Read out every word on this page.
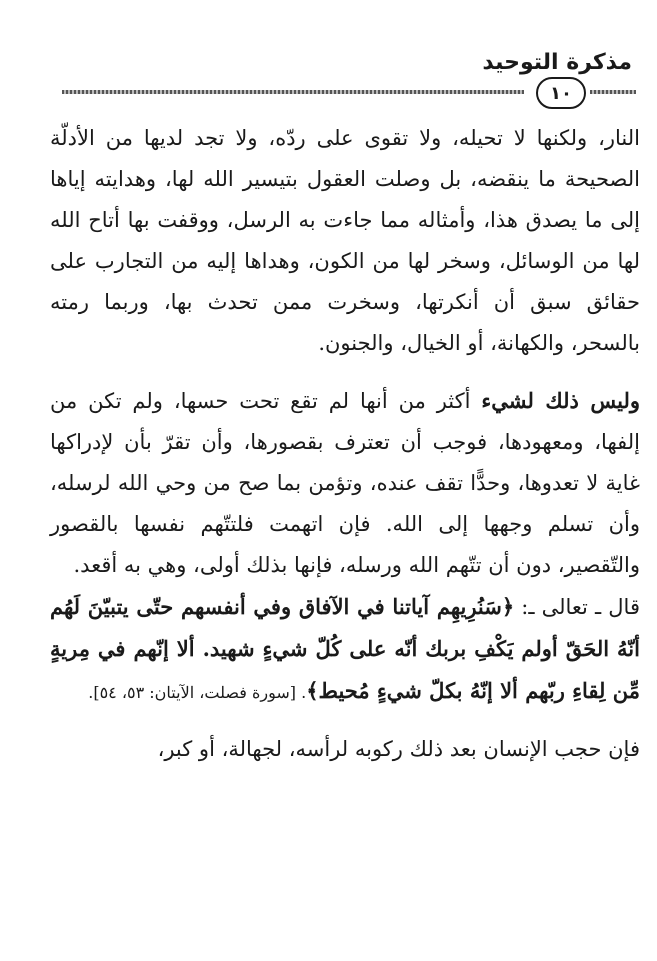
مذكرة التوحيد
١٠

النار، ولكنها لا تحيله، ولا تقوى على ردّه، ولا تجد لديها من الأدلّة الصحيحة ما ينقضه، بل وصلت العقول بتيسير الله لها، وهدايته إياها إلى ما يصدق هذا، وأمثاله مما جاءت به الرسل، ووقفت بها أتاح الله لها من الوسائل، وسخر لها من الكون، وهداها إليه من التجارب على حقائق سبق أن أنكرتها، وسخرت ممن تحدث بها، وربما رمته بالسحر، والكهانة، أو الخيال، والجنون.

وليس ذلك لشيء أكثر من أنها لم تقع تحت حسها، ولم تكن من إلفها، ومعهودها، فوجب أن تعترف بقصورها، وأن تقرّ بأن لإدراكها غاية لا تعدوها، وحدًّا تقف عنده، وتؤمن بما صح من وحي الله لرسله، وأن تسلم وجهها إلى الله. فإن اتهمت فلتتّهم نفسها بالقصور والتّقصير، دون أن تتّهم الله ورسله، فإنها بذلك أولى، وهي به أقعد.

قال ـ تعالى ـ: ﴿سَنُرِيهِم آياتنا في الآفاق وفي أنفسهم حتّى يتبيّنَ لَهُم أنّهُ الحَقّ أولم يَكْفِ بربك أنّه على كُلّ شيءٍ شهيد. ألا إنّهم في مِريةٍ مِّن لِقاءِ ربّهم ألا إنّهُ بكلّ شيءٍ مُحيط﴾. [سورة فصلت، الآيتان: ٥٣، ٥٤].

فإن حجب الإنسان بعد ذلك ركوبه لرأسه، لجهالة، أو كبر،
